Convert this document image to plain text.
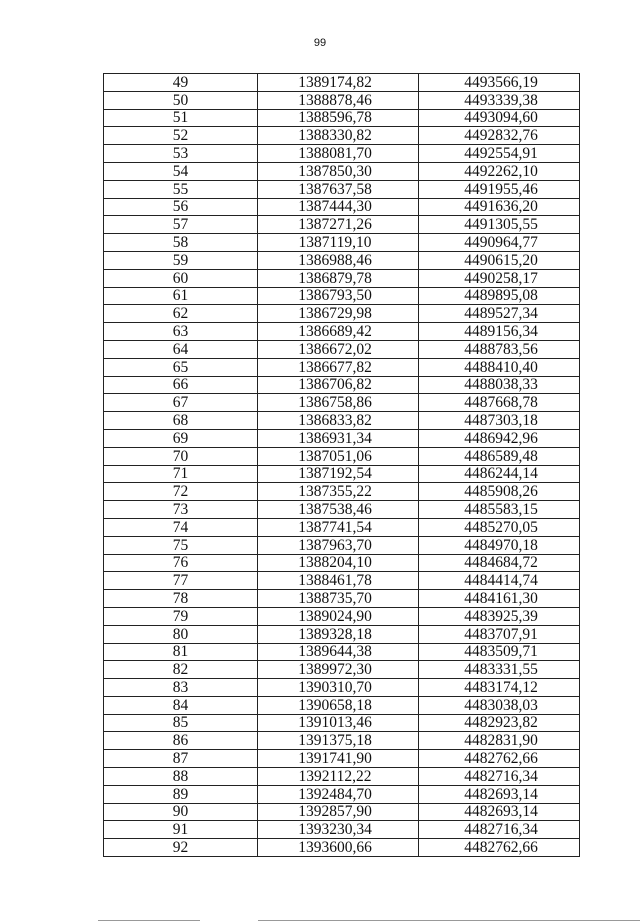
99
49	1389174,82	4493566,19
50	1388878,46	4493339,38
51	1388596,78	4493094,60
52	1388330,82	4492832,76
53	1388081,70	4492554,91
54	1387850,30	4492262,10
55	1387637,58	4491955,46
56	1387444,30	4491636,20
57	1387271,26	4491305,55
58	1387119,10	4490964,77
59	1386988,46	4490615,20
60	1386879,78	4490258,17
61	1386793,50	4489895,08
62	1386729,98	4489527,34
63	1386689,42	4489156,34
64	1386672,02	4488783,56
65	1386677,82	4488410,40
66	1386706,82	4488038,33
67	1386758,86	4487668,78
68	1386833,82	4487303,18
69	1386931,34	4486942,96
70	1387051,06	4486589,48
71	1387192,54	4486244,14
72	1387355,22	4485908,26
73	1387538,46	4485583,15
74	1387741,54	4485270,05
75	1387963,70	4484970,18
76	1388204,10	4484684,72
77	1388461,78	4484414,74
78	1388735,70	4484161,30
79	1389024,90	4483925,39
80	1389328,18	4483707,91
81	1389644,38	4483509,71
82	1389972,30	4483331,55
83	1390310,70	4483174,12
84	1390658,18	4483038,03
85	1391013,46	4482923,82
86	1391375,18	4482831,90
87	1391741,90	4482762,66
88	1392112,22	4482716,34
89	1392484,70	4482693,14
90	1392857,90	4482693,14
91	1393230,34	4482716,34
92	1393600,66	4482762,66
